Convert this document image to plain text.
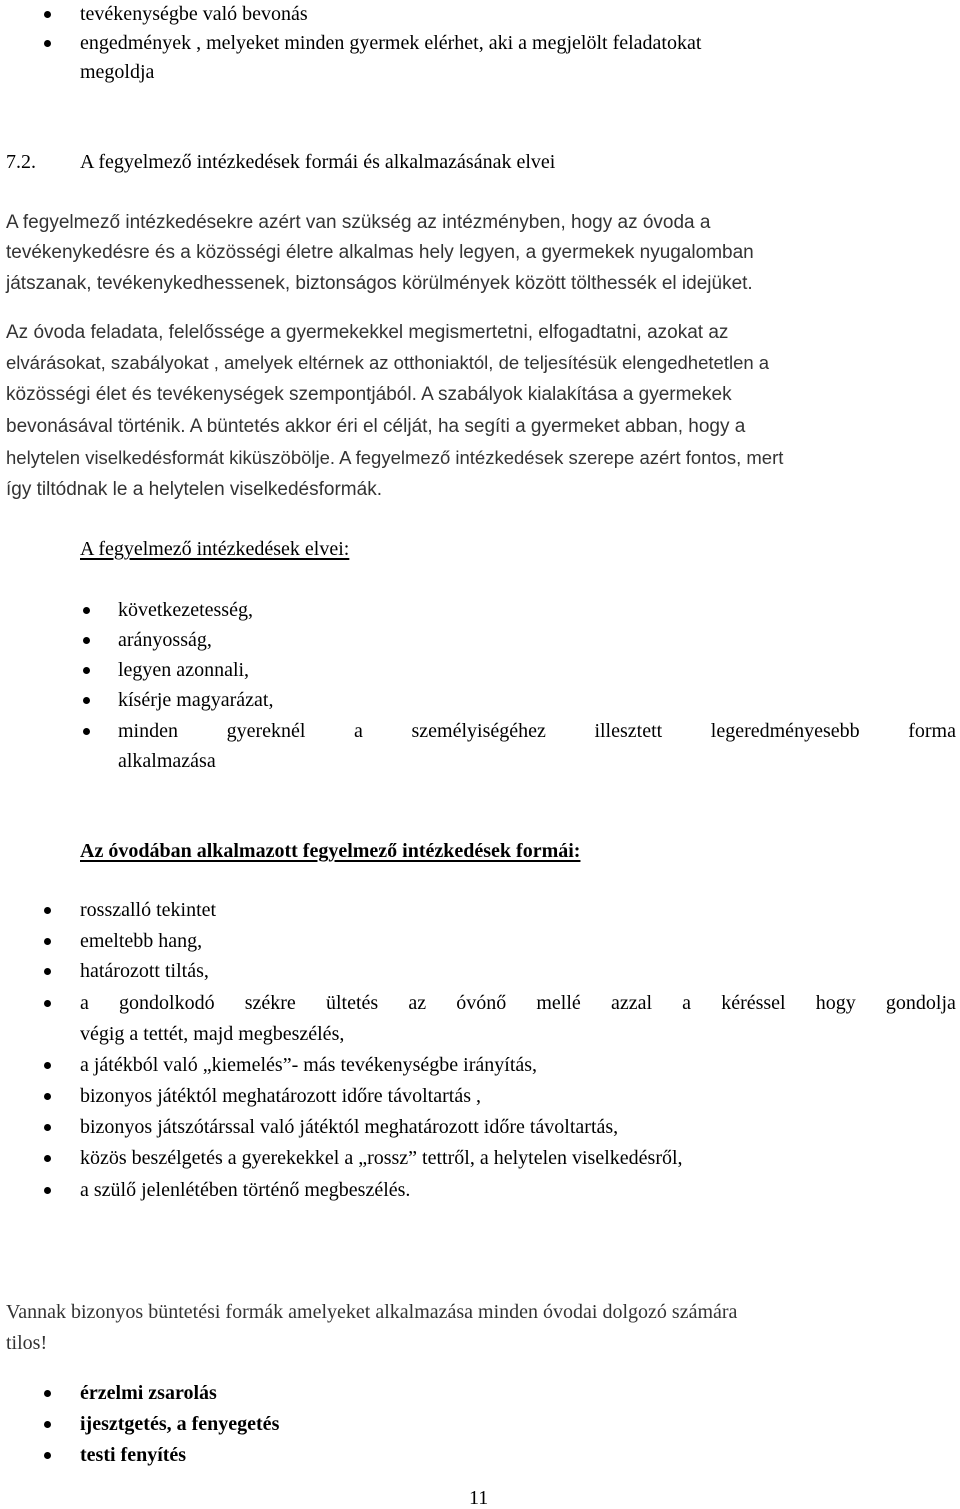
tevékenységbe való bevonás
engedmények , melyeket minden gyermek elérhet, aki a megjelölt feladatokat
megoldja
7.2. A fegyelmező intézkedések formái és alkalmazásának elvei
A fegyelmező intézkedésekre azért van szükség az intézményben, hogy az óvoda a
tevékenykedésre és a közösségi életre alkalmas hely legyen, a gyermekek nyugalomban
játszanak, tevékenykedhessenek, biztonságos körülmények között tölthessék el idejüket.
Az óvoda feladata, felelőssége a gyermekekkel megismertetni, elfogadtatni, azokat az
elvárásokat, szabályokat , amelyek eltérnek az otthoniaktól, de teljesítésük elengedhetetlen a
közösségi élet és tevékenységek szempontjából. A szabályok kialakítása a gyermekek
bevonásával történik. A büntetés akkor éri el célját, ha segíti a gyermeket abban, hogy a
helytelen viselkedésformát kiküszöbölje. A fegyelmező intézkedések szerepe azért fontos, mert
így tiltódnak le a helytelen viselkedésformák.
A fegyelmező intézkedések elvei:
következetesség,
arányosság,
legyen azonnali,
kísérje magyarázat,
minden gyereknél a személyiségéhez illesztett legeredményesebb forma
alkalmazása
Az óvodában alkalmazott fegyelmező intézkedések formái:
rosszalló tekintet
emeltebb hang,
határozott tiltás,
a gondolkodó székre ültetés az óvónő mellé azzal a kéréssel hogy gondolja
végig a tettét, majd megbeszélés,
a játékból való „kiemelés”- más tevékenységbe irányítás,
bizonyos játéktól meghatározott időre távoltartás ,
bizonyos játszótárssal való játéktól meghatározott időre távoltartás,
közös beszélgetés a gyerekekkel a „rossz” tettről, a helytelen viselkedésről,
a szülő jelenlétében történő megbeszélés.
Vannak bizonyos büntetési formák amelyeket alkalmazása minden óvodai dolgozó számára
tilos!
érzelmi zsarolás
ijesztgetés, a fenyegetés
testi fenyítés
11
